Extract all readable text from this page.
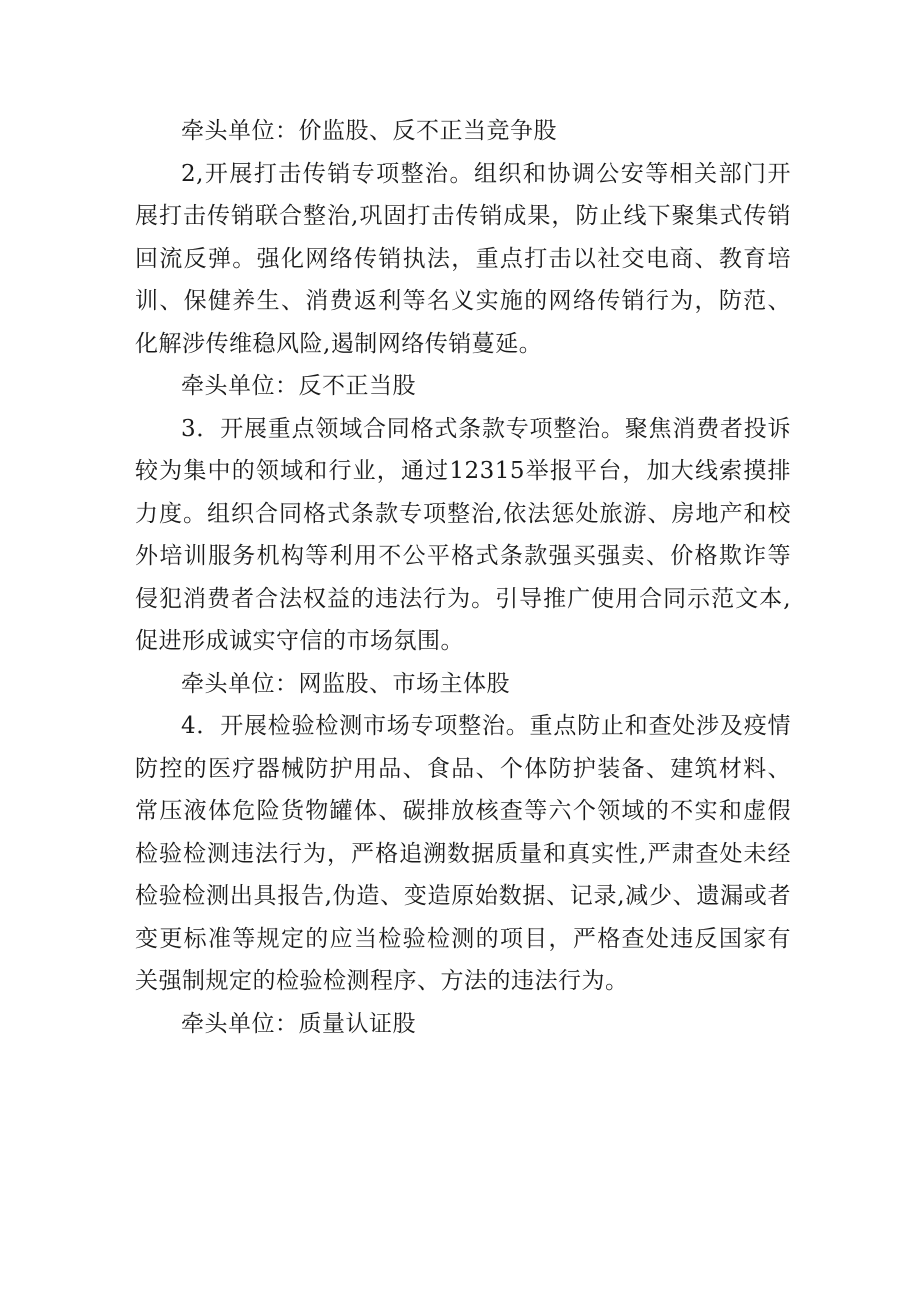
牵头单位：价监股、反不正当竞争股

2,开展打击传销专项整治。组织和协调公安等相关部门开展打击传销联合整治,巩固打击传销成果，防止线下聚集式传销回流反弹。强化网络传销执法，重点打击以社交电商、教育培训、保健养生、消费返利等名义实施的网络传销行为，防范、化解涉传维稳风险,遏制网络传销蔓延。

牵头单位：反不正当股

3．开展重点领域合同格式条款专项整治。聚焦消费者投诉较为集中的领域和行业，通过12315举报平台，加大线索摸排力度。组织合同格式条款专项整治,依法惩处旅游、房地产和校外培训服务机构等利用不公平格式条款强买强卖、价格欺诈等侵犯消费者合法权益的违法行为。引导推广使用合同示范文本,促进形成诚实守信的市场氛围。

牵头单位：网监股、市场主体股

4．开展检验检测市场专项整治。重点防止和查处涉及疫情防控的医疗器械防护用品、食品、个体防护装备、建筑材料、常压液体危险货物罐体、碳排放核查等六个领域的不实和虚假检验检测违法行为，严格追溯数据质量和真实性,严肃查处未经检验检测出具报告,伪造、变造原始数据、记录,减少、遗漏或者变更标准等规定的应当检验检测的项目，严格查处违反国家有关强制规定的检验检测程序、方法的违法行为。

牵头单位：质量认证股
